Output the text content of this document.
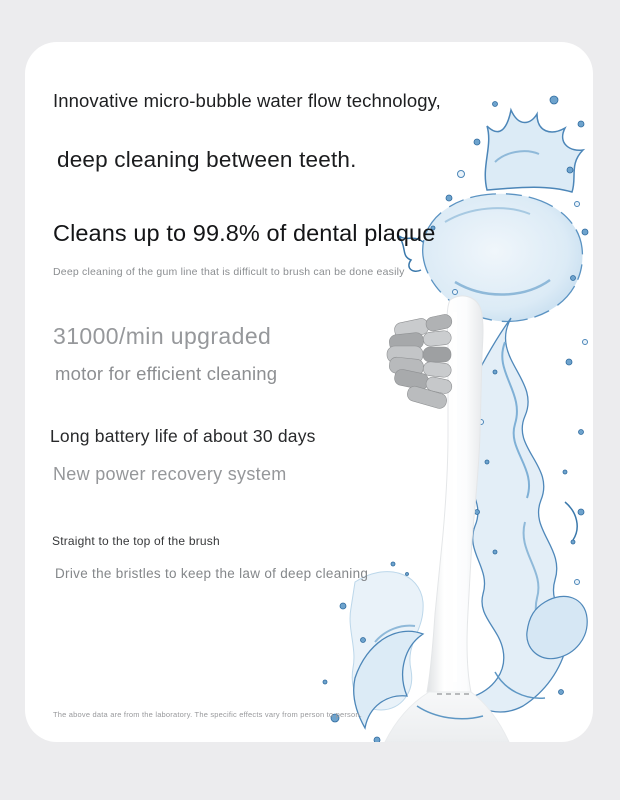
Innovative micro-bubble water flow technology,
deep cleaning between teeth.
Cleans up to 99.8% of dental plaque
Deep cleaning of the gum line that is difficult to brush can be done easily
31000/min upgraded
motor for efficient cleaning
Long battery life of about 30 days
New power recovery system
Straight to the top of the brush
Drive the bristles to keep the law of deep cleaning
The above data are from the laboratory. The specific effects vary from person to person.
